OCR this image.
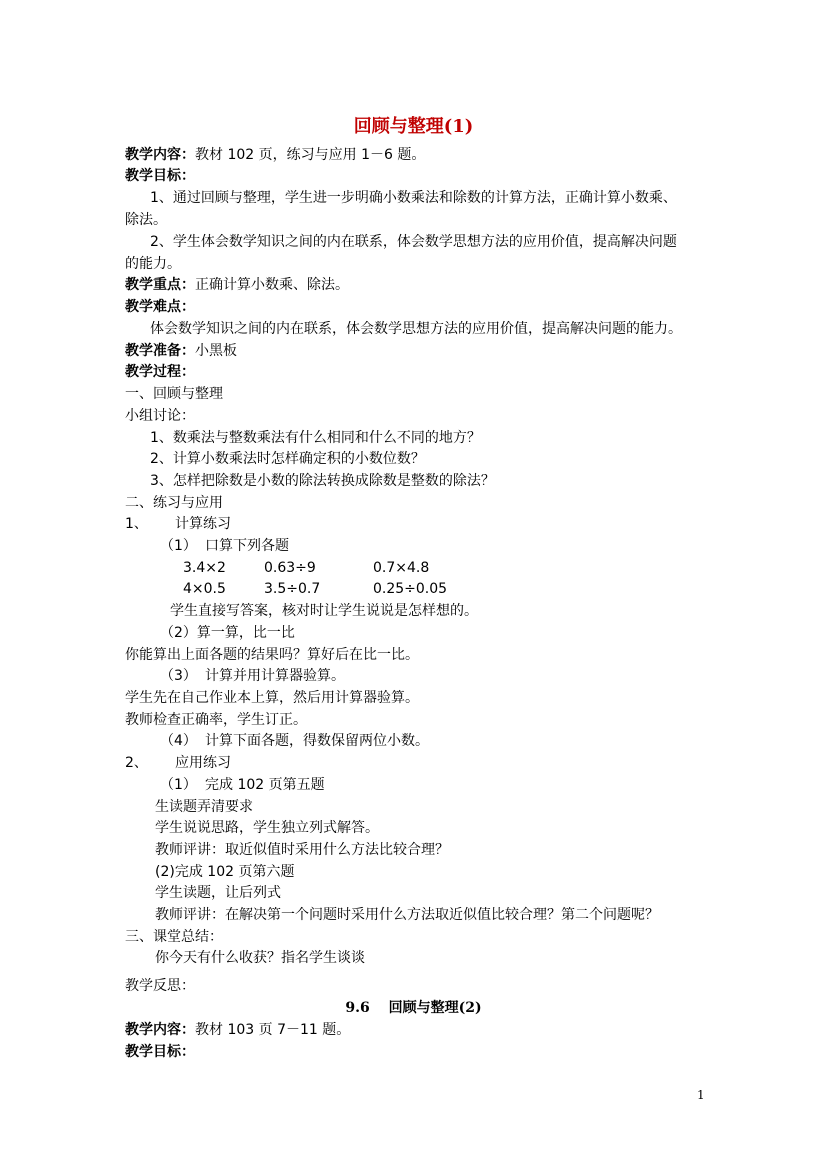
回顾与整理(1)
教学内容：教材 102 页，练习与应用 1－6 题。
教学目标：
1、通过回顾与整理，学生进一步明确小数乘法和除数的计算方法，正确计算小数乘、
除法。
2、学生体会数学知识之间的内在联系，体会数学思想方法的应用价值，提高解决问题
的能力。
教学重点：正确计算小数乘、除法。
教学难点：
体会数学知识之间的内在联系，体会数学思想方法的应用价值，提高解决问题的能力。
教学准备：小黑板
教学过程：
一、回顾与整理
小组讨论：
1、数乘法与整数乘法有什么相同和什么不同的地方？
2、计算小数乘法时怎样确定积的小数位数？
3、怎样把除数是小数的除法转换成除数是整数的除法？
二、练习与应用
1、 计算练习
（1） 口算下列各题
3.4×2	0.63÷9	0.7×4.8
4×0.5	3.5÷0.7	0.25÷0.05
学生直接写答案，核对时让学生说说是怎样想的。
（2）算一算，比一比
你能算出上面各题的结果吗？算好后在比一比。
（3） 计算并用计算器验算。
学生先在自己作业本上算，然后用计算器验算。
教师检查正确率，学生订正。
（4） 计算下面各题，得数保留两位小数。
2、 应用练习
（1） 完成 102 页第五题
生读题弄清要求
学生说说思路，学生独立列式解答。
教师评讲：取近似值时采用什么方法比较合理？
(2)完成 102 页第六题
学生读题，让后列式
教师评讲：在解决第一个问题时采用什么方法取近似值比较合理？第二个问题呢？
三、课堂总结：
你今天有什么收获？指名学生谈谈
教学反思：
9.6　 回顾与整理(2)
教学内容：教材 103 页 7－11 题。
教学目标：
1
